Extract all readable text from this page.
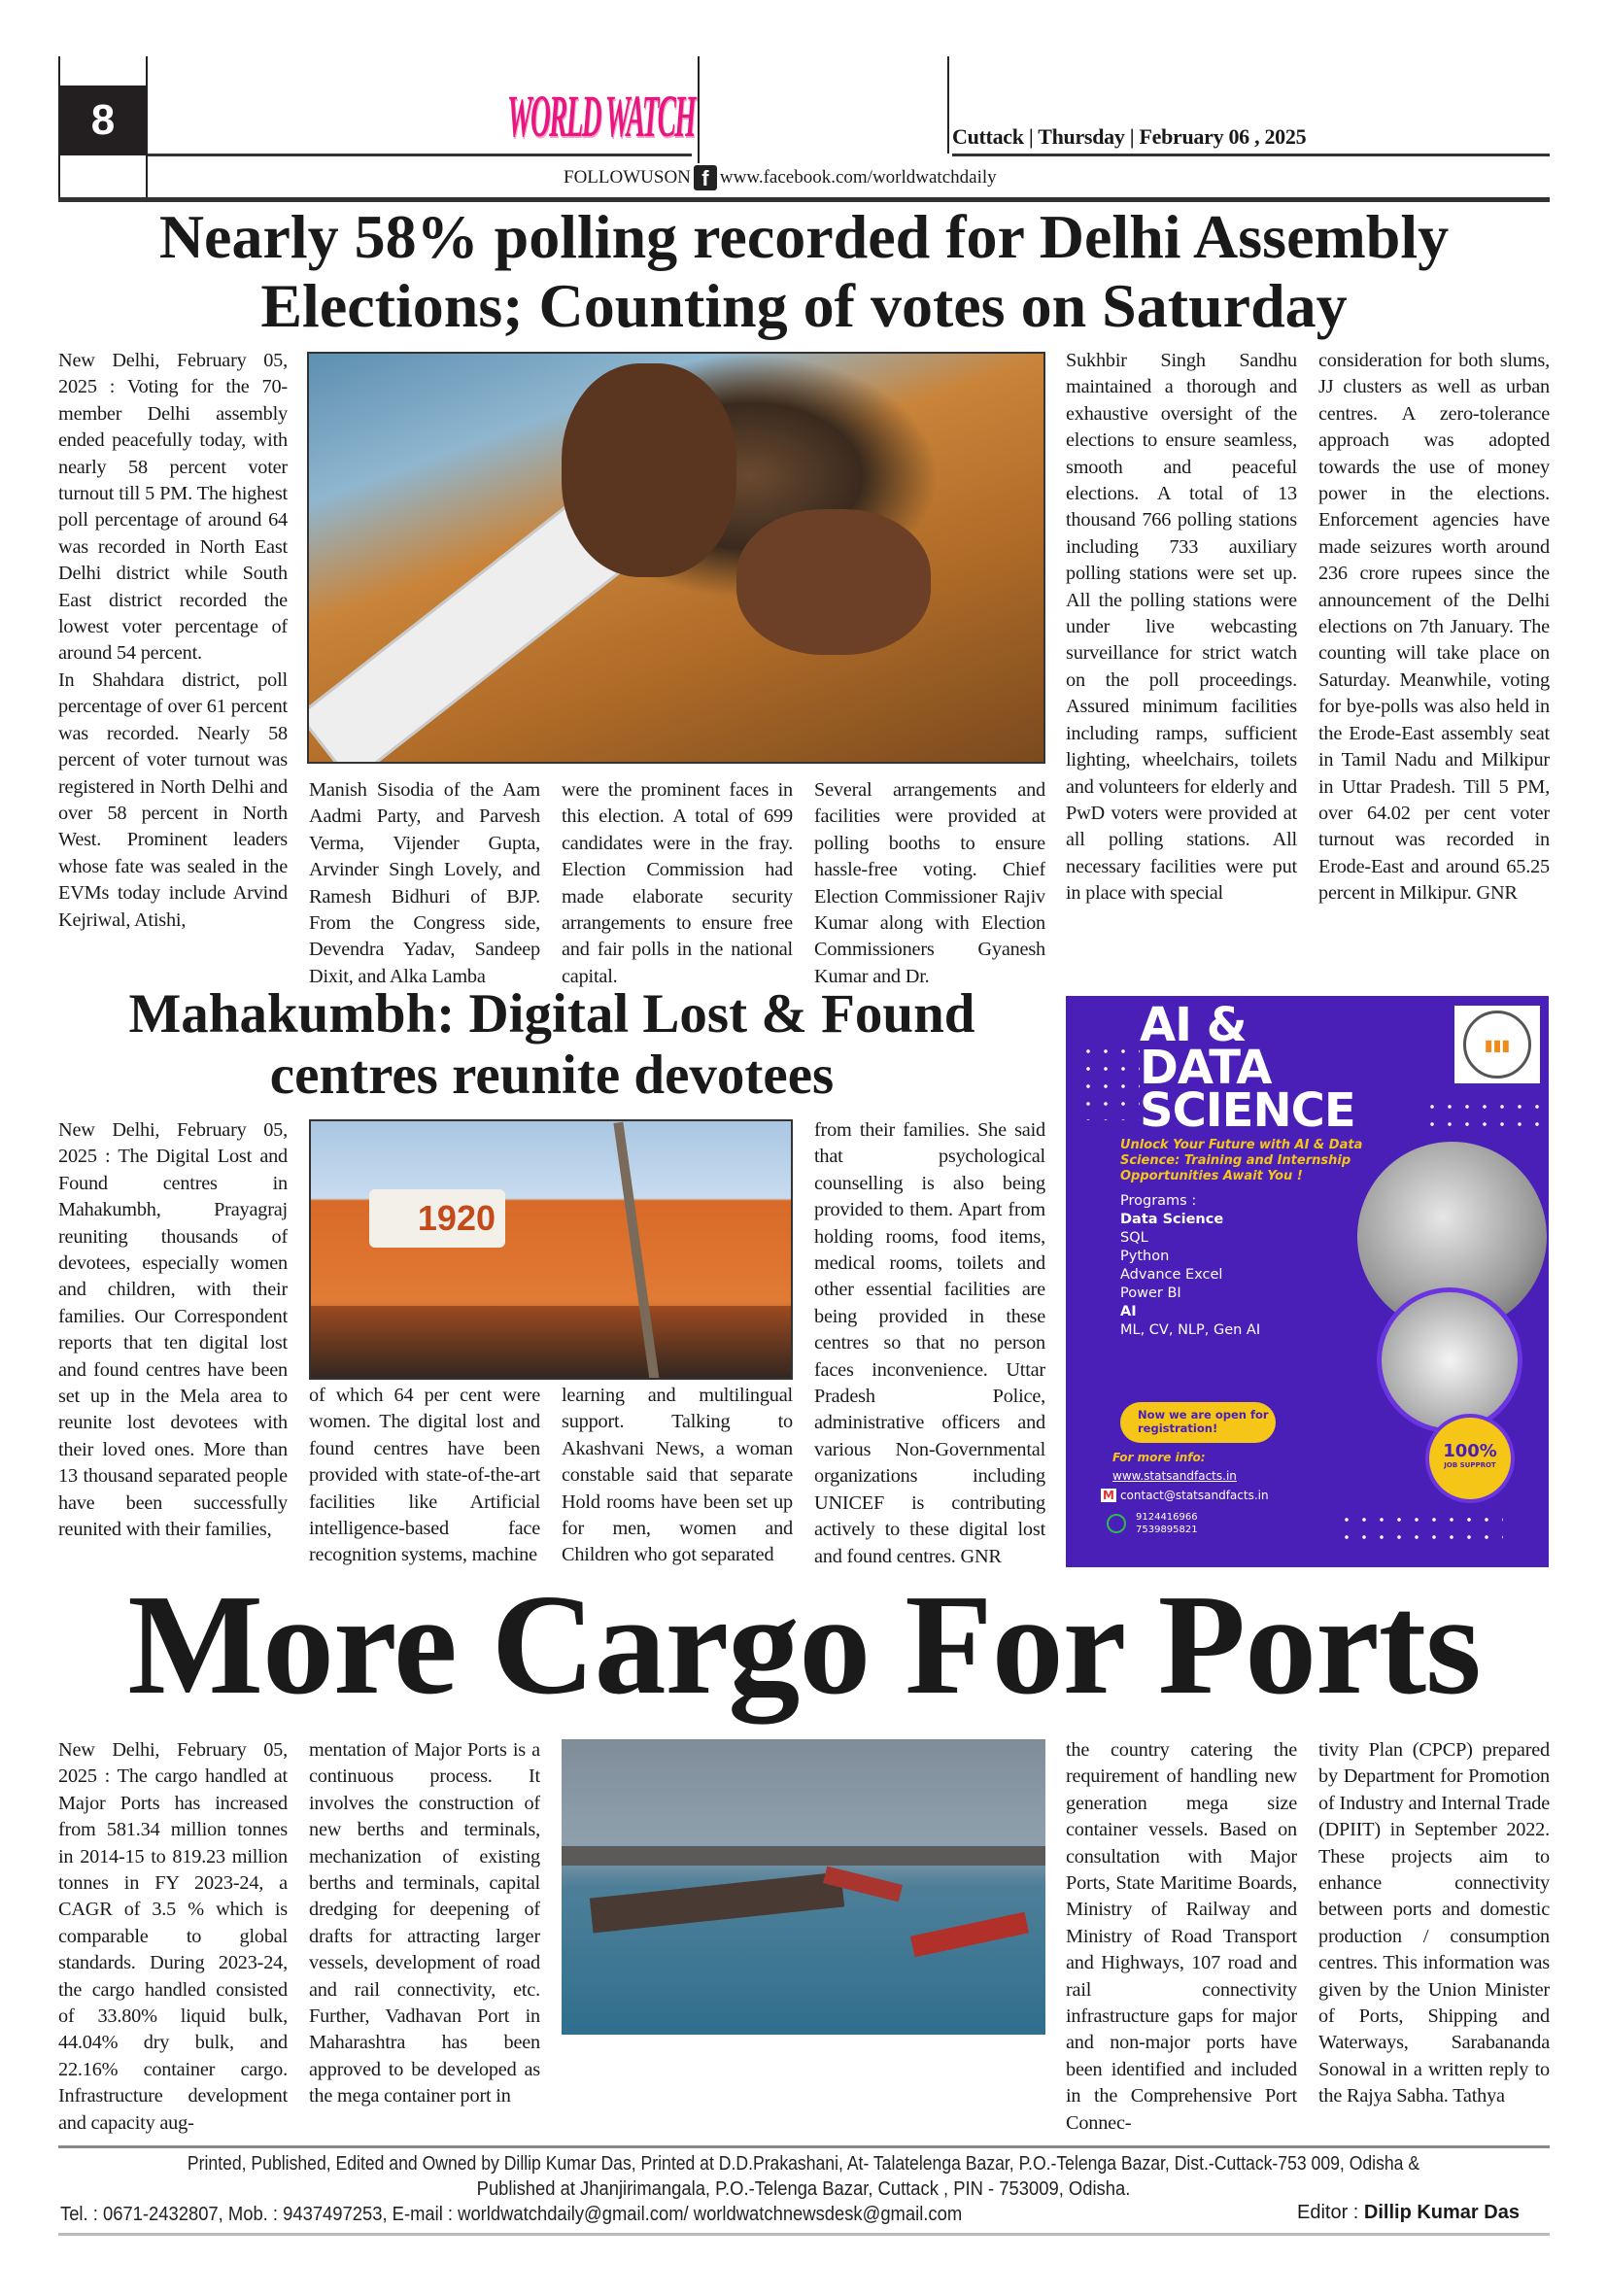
8	WORLD WATCH	Cuttack | Thursday | February 06 , 2025
FOLLOWUSON f www.facebook.com/worldwatchdaily
Nearly 58% polling recorded for Delhi Assembly
Elections; Counting of votes on Saturday

New Delhi, February 05, 2025 : Voting for the 70-member Delhi assembly ended peacefully today, with nearly 58 percent voter turnout till 5 PM. The highest poll percentage of around 64 was recorded in North East Delhi district while South East district recorded the lowest voter percentage of around 54 percent.

In Shahdara district, poll percentage of over 61 percent was recorded. Nearly 58 percent of voter turnout was registered in North Delhi and over 58 percent in North West. Prominent leaders whose fate was sealed in the EVMs today include Arvind Kejriwal, Atishi,

Manish Sisodia of the Aam Aadmi Party, and Parvesh Verma, Vijender Gupta, Arvinder Singh Lovely, and Ramesh Bidhuri of BJP. From the Congress side, Devendra Yadav, Sandeep Dixit, and Alka Lamba
were the prominent faces in this election. A total of 699 candidates were in the fray. Election Commission had made elaborate security arrangements to ensure free and fair polls in the national capital.
Several arrangements and facilities were provided at polling booths to ensure hassle-free voting. Chief Election Commissioner Rajiv Kumar along with Election Commissioners Gyanesh Kumar and Dr.
Sukhbir Singh Sandhu maintained a thorough and exhaustive oversight of the elections to ensure seamless, smooth and peaceful elections. A total of 13 thousand 766 polling stations including 733 auxiliary polling stations were set up. All the polling stations were under live webcasting surveillance for strict watch on the poll proceedings. Assured minimum facilities including ramps, sufficient lighting, wheelchairs, toilets and volunteers for elderly and PwD voters were provided at all polling stations. All necessary facilities were put in place with special
consideration for both slums, JJ clusters as well as urban centres. A zero-tolerance approach was adopted towards the use of money power in the elections. Enforcement agencies have made seizures worth around 236 crore rupees since the announcement of the Delhi elections on 7th January. The counting will take place on Saturday. Meanwhile, voting for bye-polls was also held in the Erode-East assembly seat in Tamil Nadu and Milkipur in Uttar Pradesh. Till 5 PM, over 64.02 per cent voter turnout was recorded in Erode-East and around 65.25 percent in Milkipur. GNR
Mahakumbh: Digital Lost & Found
centres reunite devotees
New Delhi, February 05, 2025 : The Digital Lost and Found centres in Mahakumbh, Prayagraj reuniting thousands of devotees, especially women and children, with their families. Our Correspondent reports that ten digital lost and found centres have been set up in the Mela area to reunite lost devotees with their loved ones. More than 13 thousand separated people have been successfully reunited with their families,
1920
of which 64 per cent were women. The digital lost and found centres have been provided with state-of-the-art facilities like Artificial intelligence-based face recognition systems, machine
learning and multilingual support. Talking to Akashvani News, a woman constable said that separate Hold rooms have been set up for men, women and Children who got separated
from their families. She said that psychological counselling is also being provided to them. Apart from holding rooms, food items, medical rooms, toilets and other essential facilities are being provided in these centres so that no person faces inconvenience. Uttar Pradesh Police, administrative officers and various Non-Governmental organizations including UNICEF is contributing actively to these digital lost and found centres. GNR
AI &
DATA
SCIENCE
Unlock Your Future with AI & Data Science: Training and Internship Opportunities Await You !
Programs :
Data Science
SQL
Python
Advance Excel
Power BI
AI
ML, CV, NLP, Gen AI
▮▮▮
Now we are open for registration!
For more info:
www.statsandfacts.in
M contact@statsandfacts.in
9124416966
7539895821
100%
JOB SUPPROT
More Cargo For Ports
New Delhi, February 05, 2025 : The cargo handled at Major Ports has increased from 581.34 million tonnes in 2014-15 to 819.23 million tonnes in FY 2023-24, a CAGR of 3.5 % which is comparable to global standards. During 2023-24, the cargo handled consisted of 33.80% liquid bulk, 44.04% dry bulk, and 22.16% container cargo. Infrastructure development and capacity aug-
mentation of Major Ports is a continuous process. It involves the construction of new berths and terminals, mechanization of existing berths and terminals, capital dredging for deepening of drafts for attracting larger vessels, development of road and rail connectivity, etc. Further, Vadhavan Port in Maharashtra has been approved to be developed as the mega container port in
the country catering the requirement of handling new generation mega size container vessels. Based on consultation with Major Ports, State Maritime Boards, Ministry of Railway and Ministry of Road Transport and Highways, 107 road and rail connectivity infrastructure gaps for major and non-major ports have been identified and included in the Comprehensive Port Connec-
tivity Plan (CPCP) prepared by Department for Promotion of Industry and Internal Trade (DPIIT) in September 2022. These projects aim to enhance connectivity between ports and domestic production / consumption centres. This information was given by the Union Minister of Ports, Shipping and Waterways, Sarabananda Sonowal in a written reply to the Rajya Sabha. Tathya
Printed, Published, Edited and Owned by Dillip Kumar Das, Printed at D.D.Prakashani, At- Talatelenga Bazar, P.O.-Telenga Bazar, Dist.-Cuttack-753 009, Odisha &
Published at Jhanjirimangala, P.O.-Telenga Bazar, Cuttack , PIN - 753009, Odisha.
Tel. : 0671-2432807, Mob. : 9437497253, E-mail : worldwatchdaily@gmail.com/ worldwatchnewsdesk@gmail.com	Editor : Dillip Kumar Das
